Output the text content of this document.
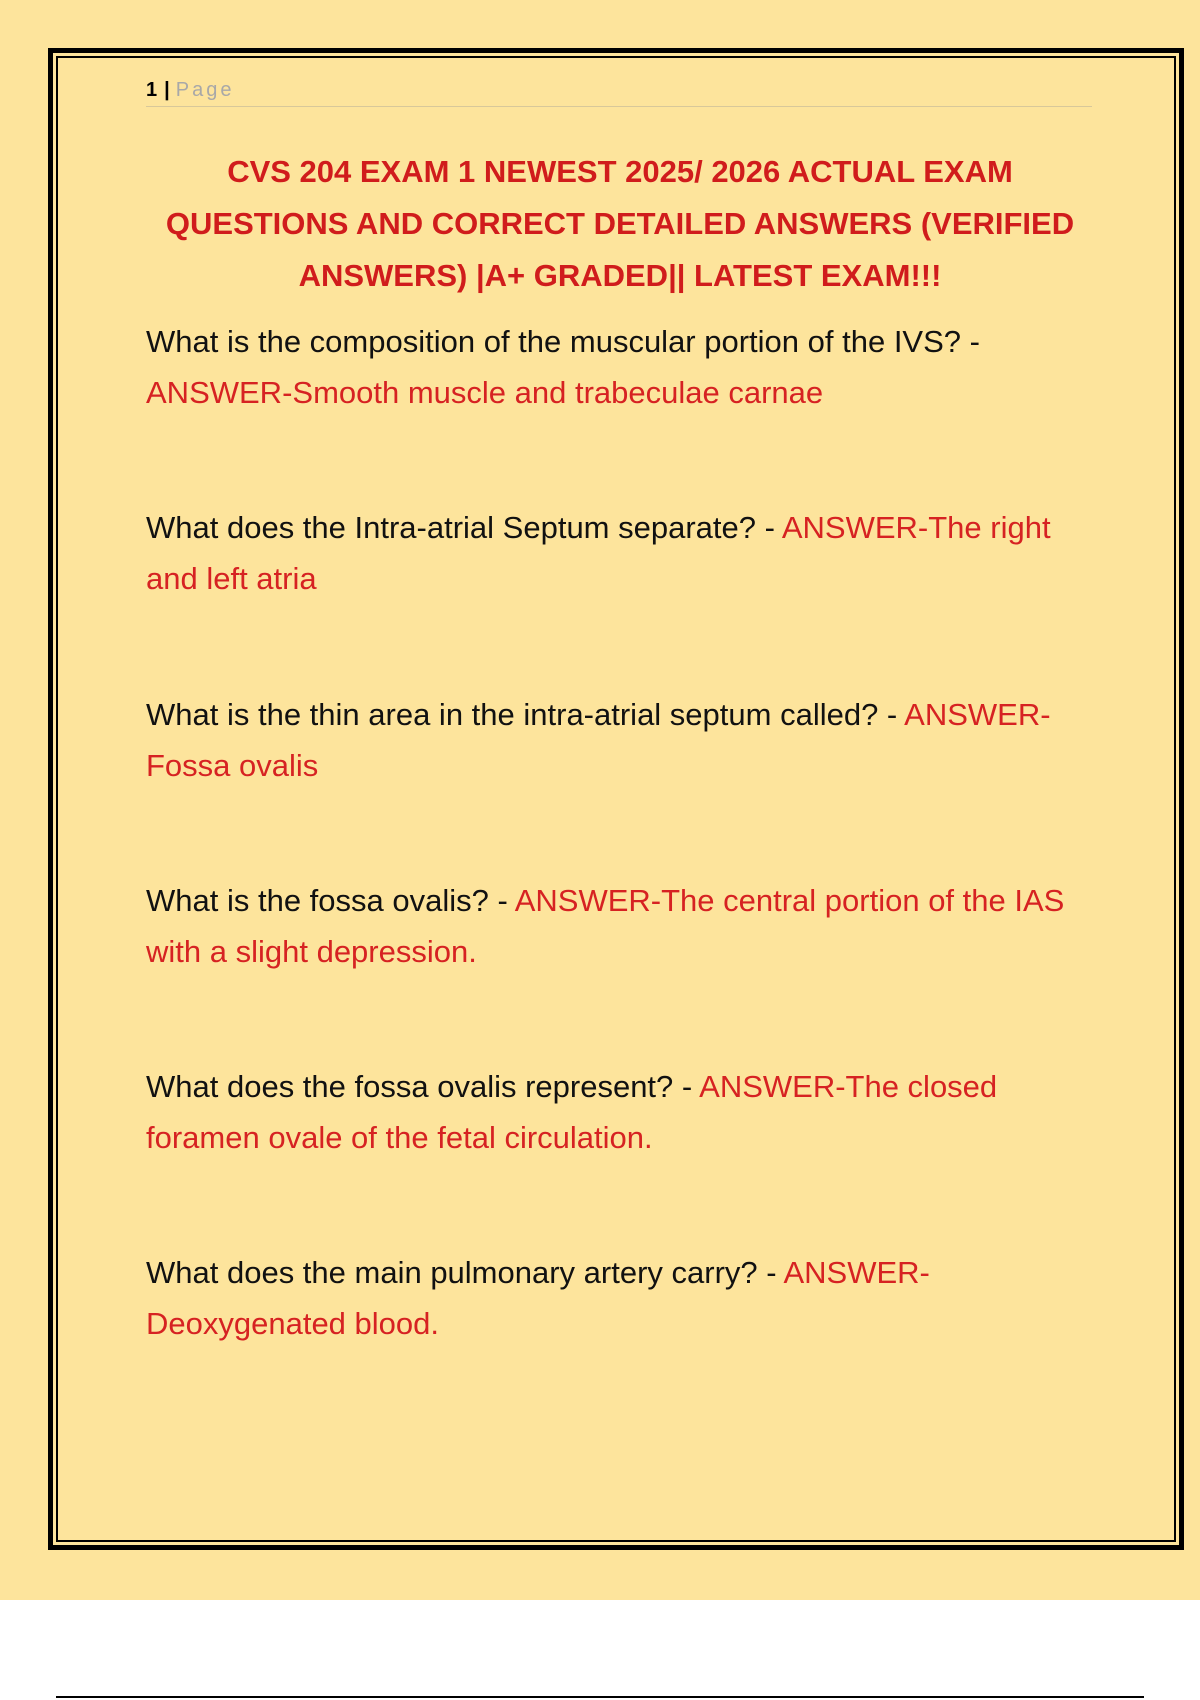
1 | Page
CVS 204 EXAM 1 NEWEST 2025/ 2026 ACTUAL EXAM QUESTIONS AND CORRECT DETAILED ANSWERS (VERIFIED ANSWERS) |A+ GRADED|| LATEST EXAM!!!
What is the composition of the muscular portion of the IVS? - ANSWER-Smooth muscle and trabeculae carnae
What does the Intra-atrial Septum separate? - ANSWER-The right and left atria
What is the thin area in the intra-atrial septum called? - ANSWER-Fossa ovalis
What is the fossa ovalis? - ANSWER-The central portion of the IAS with a slight depression.
What does the fossa ovalis represent? - ANSWER-The closed foramen ovale of the fetal circulation.
What does the main pulmonary artery carry? - ANSWER-Deoxygenated blood.
